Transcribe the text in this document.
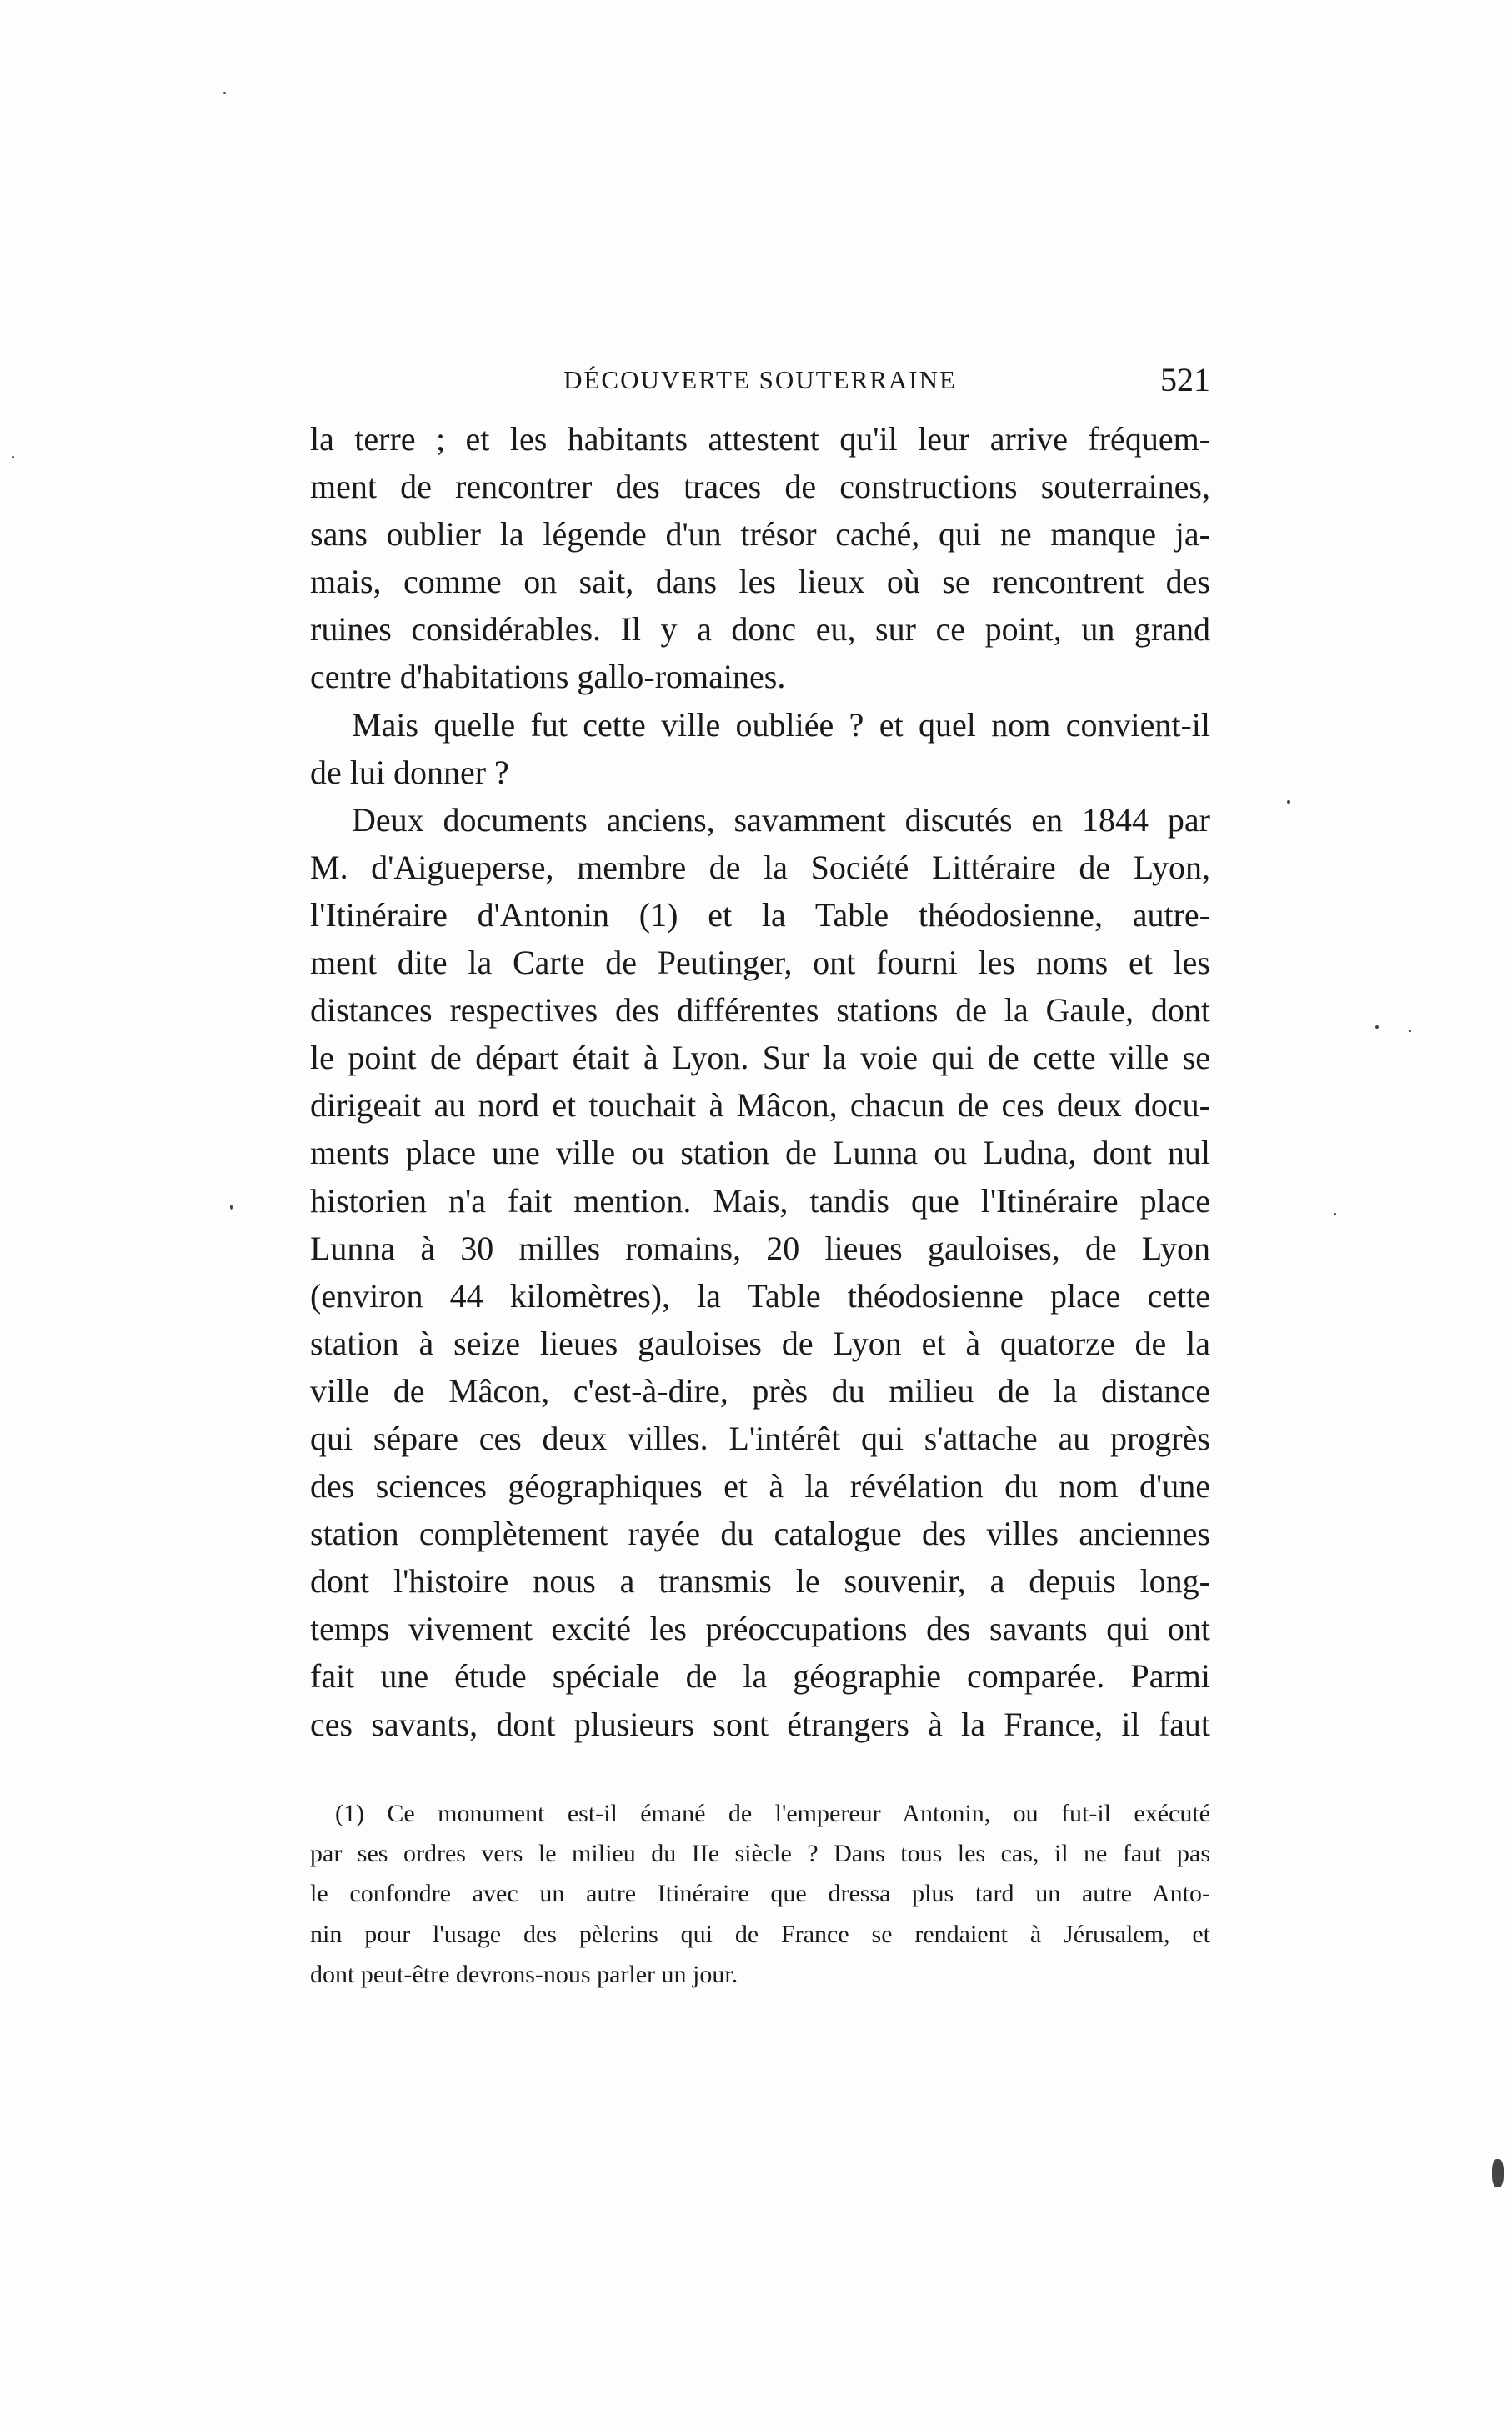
DÉCOUVERTE SOUTERRAINE	521
la terre ; et les habitants attestent qu'il leur arrive fréquem-
ment de rencontrer des traces de constructions souterraines,
sans oublier la légende d'un trésor caché, qui ne manque ja-
mais, comme on sait, dans les lieux où se rencontrent des
ruines considérables. Il y a donc eu, sur ce point, un grand
centre d'habitations gallo-romaines.
Mais quelle fut cette ville oubliée ? et quel nom convient-il
de lui donner ?
Deux documents anciens, savamment discutés en 1844 par
M. d'Aigueperse, membre de la Société Littéraire de Lyon,
l'Itinéraire d'Antonin (1) et la Table théodosienne, autre-
ment dite la Carte de Peutinger, ont fourni les noms et les
distances respectives des différentes stations de la Gaule, dont
le point de départ était à Lyon. Sur la voie qui de cette ville se
dirigeait au nord et touchait à Mâcon, chacun de ces deux docu-
ments place une ville ou station de Lunna ou Ludna, dont nul
historien n'a fait mention. Mais, tandis que l'Itinéraire place
Lunna à 30 milles romains, 20 lieues gauloises, de Lyon
(environ 44 kilomètres), la Table théodosienne place cette
station à seize lieues gauloises de Lyon et à quatorze de la
ville de Mâcon, c'est-à-dire, près du milieu de la distance
qui sépare ces deux villes. L'intérêt qui s'attache au progrès
des sciences géographiques et à la révélation du nom d'une
station complètement rayée du catalogue des villes anciennes
dont l'histoire nous a transmis le souvenir, a depuis long-
temps vivement excité les préoccupations des savants qui ont
fait une étude spéciale de la géographie comparée. Parmi
ces savants, dont plusieurs sont étrangers à la France, il faut
(1) Ce monument est-il émané de l'empereur Antonin, ou fut-il exécuté
par ses ordres vers le milieu du IIe siècle ? Dans tous les cas, il ne faut pas
le confondre avec un autre Itinéraire que dressa plus tard un autre Anto-
nin pour l'usage des pèlerins qui de France se rendaient à Jérusalem, et
dont peut-être devrons-nous parler un jour.
